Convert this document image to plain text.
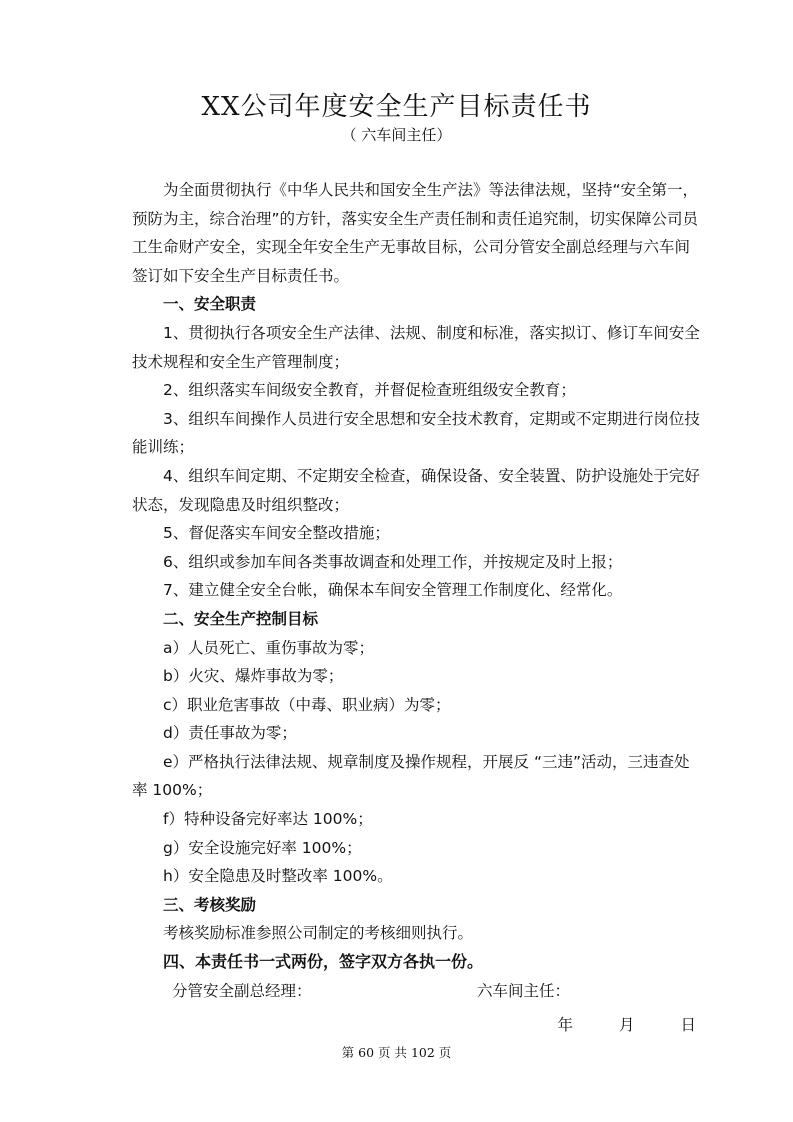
XX公司年度安全生产目标责任书
（ 六车间主任）

为全面贯彻执行《中华人民共和国安全生产法》等法律法规，坚持“安全第一，预防为主，综合治理”的方针，落实安全生产责任制和责任追究制，切实保障公司员工生命财产安全，实现全年安全生产无事故目标，公司分管安全副总经理与六车间签订如下安全生产目标责任书。

一、安全职责

1、贯彻执行各项安全生产法律、法规、制度和标准，落实拟订、修订车间安全技术规程和安全生产管理制度；

2、组织落实车间级安全教育，并督促检查班组级安全教育；

3、组织车间操作人员进行安全思想和安全技术教育，定期或不定期进行岗位技能训练；

4、组织车间定期、不定期安全检查，确保设备、安全装置、防护设施处于完好状态，发现隐患及时组织整改；

5、督促落实车间安全整改措施；

6、组织或参加车间各类事故调查和处理工作，并按规定及时上报；

7、建立健全安全台帐，确保本车间安全管理工作制度化、经常化。

二、安全生产控制目标

a）人员死亡、重伤事故为零；

b）火灾、爆炸事故为零；

c）职业危害事故（中毒、职业病）为零；

d）责任事故为零；

e）严格执行法律法规、规章制度及操作规程，开展反 “三违”活动，三违查处率 100%；

f）特种设备完好率达 100%；

g）安全设施完好率 100%；

h）安全隐患及时整改率 100%。

三、考核奖励

考核奖励标准参照公司制定的考核细则执行。

四、本责任书一式两份，签字双方各执一份。

分管安全副总经理：	六车间主任：
年	月	日
第 60 页 共 102 页
